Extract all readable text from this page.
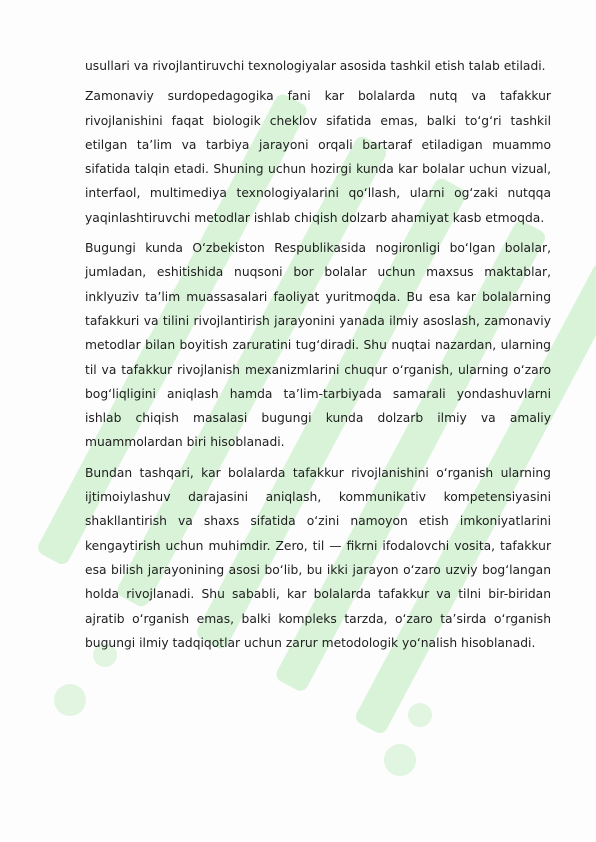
usullari va rivojlantiruvchi texnologiyalar asosida tashkil etish talab etiladi.

Zamonaviy surdopedagogika fani kar bolalarda nutq va tafakkur rivojlanishini faqat biologik cheklov sifatida emas, balki to‘g‘ri tashkil etilgan ta’lim va tarbiya jarayoni orqali bartaraf etiladigan muammo sifatida talqin etadi. Shuning uchun hozirgi kunda kar bolalar uchun vizual, interfaol, multimediya texnologiyalarini qo‘llash, ularni og‘zaki nutqqa yaqinlashtiruvchi metodlar ishlab chiqish dolzarb ahamiyat kasb etmoqda.

Bugungi kunda O‘zbekiston Respublikasida nogironligi bo‘lgan bolalar, jumladan, eshitishida nuqsoni bor bolalar uchun maxsus maktablar, inklyuziv ta’lim muassasalari faoliyat yuritmoqda. Bu esa kar bolalarning tafakkuri va tilini rivojlantirish jarayonini yanada ilmiy asoslash, zamonaviy metodlar bilan boyitish zaruratini tug‘diradi. Shu nuqtai nazardan, ularning til va tafakkur rivojlanish mexanizmlarini chuqur o‘rganish, ularning o‘zaro bog‘liqligini aniqlash hamda ta’lim-tarbiyada samarali yondashuvlarni ishlab chiqish masalasi bugungi kunda dolzarb ilmiy va amaliy muammolardan biri hisoblanadi.

Bundan tashqari, kar bolalarda tafakkur rivojlanishini o‘rganish ularning ijtimoiylashuv darajasini aniqlash, kommunikativ kompetensiyasini shakllantirish va shaxs sifatida o‘zini namoyon etish imkoniyatlarini kengaytirish uchun muhimdir. Zero, til — fikrni ifodalovchi vosita, tafakkur esa bilish jarayonining asosi bo‘lib, bu ikki jarayon o‘zaro uzviy bog‘langan holda rivojlanadi. Shu sababli, kar bolalarda tafakkur va tilni bir-biridan ajratib o‘rganish emas, balki kompleks tarzda, o‘zaro ta’sirda o‘rganish bugungi ilmiy tadqiqotlar uchun zarur metodologik yo‘nalish hisoblanadi.
